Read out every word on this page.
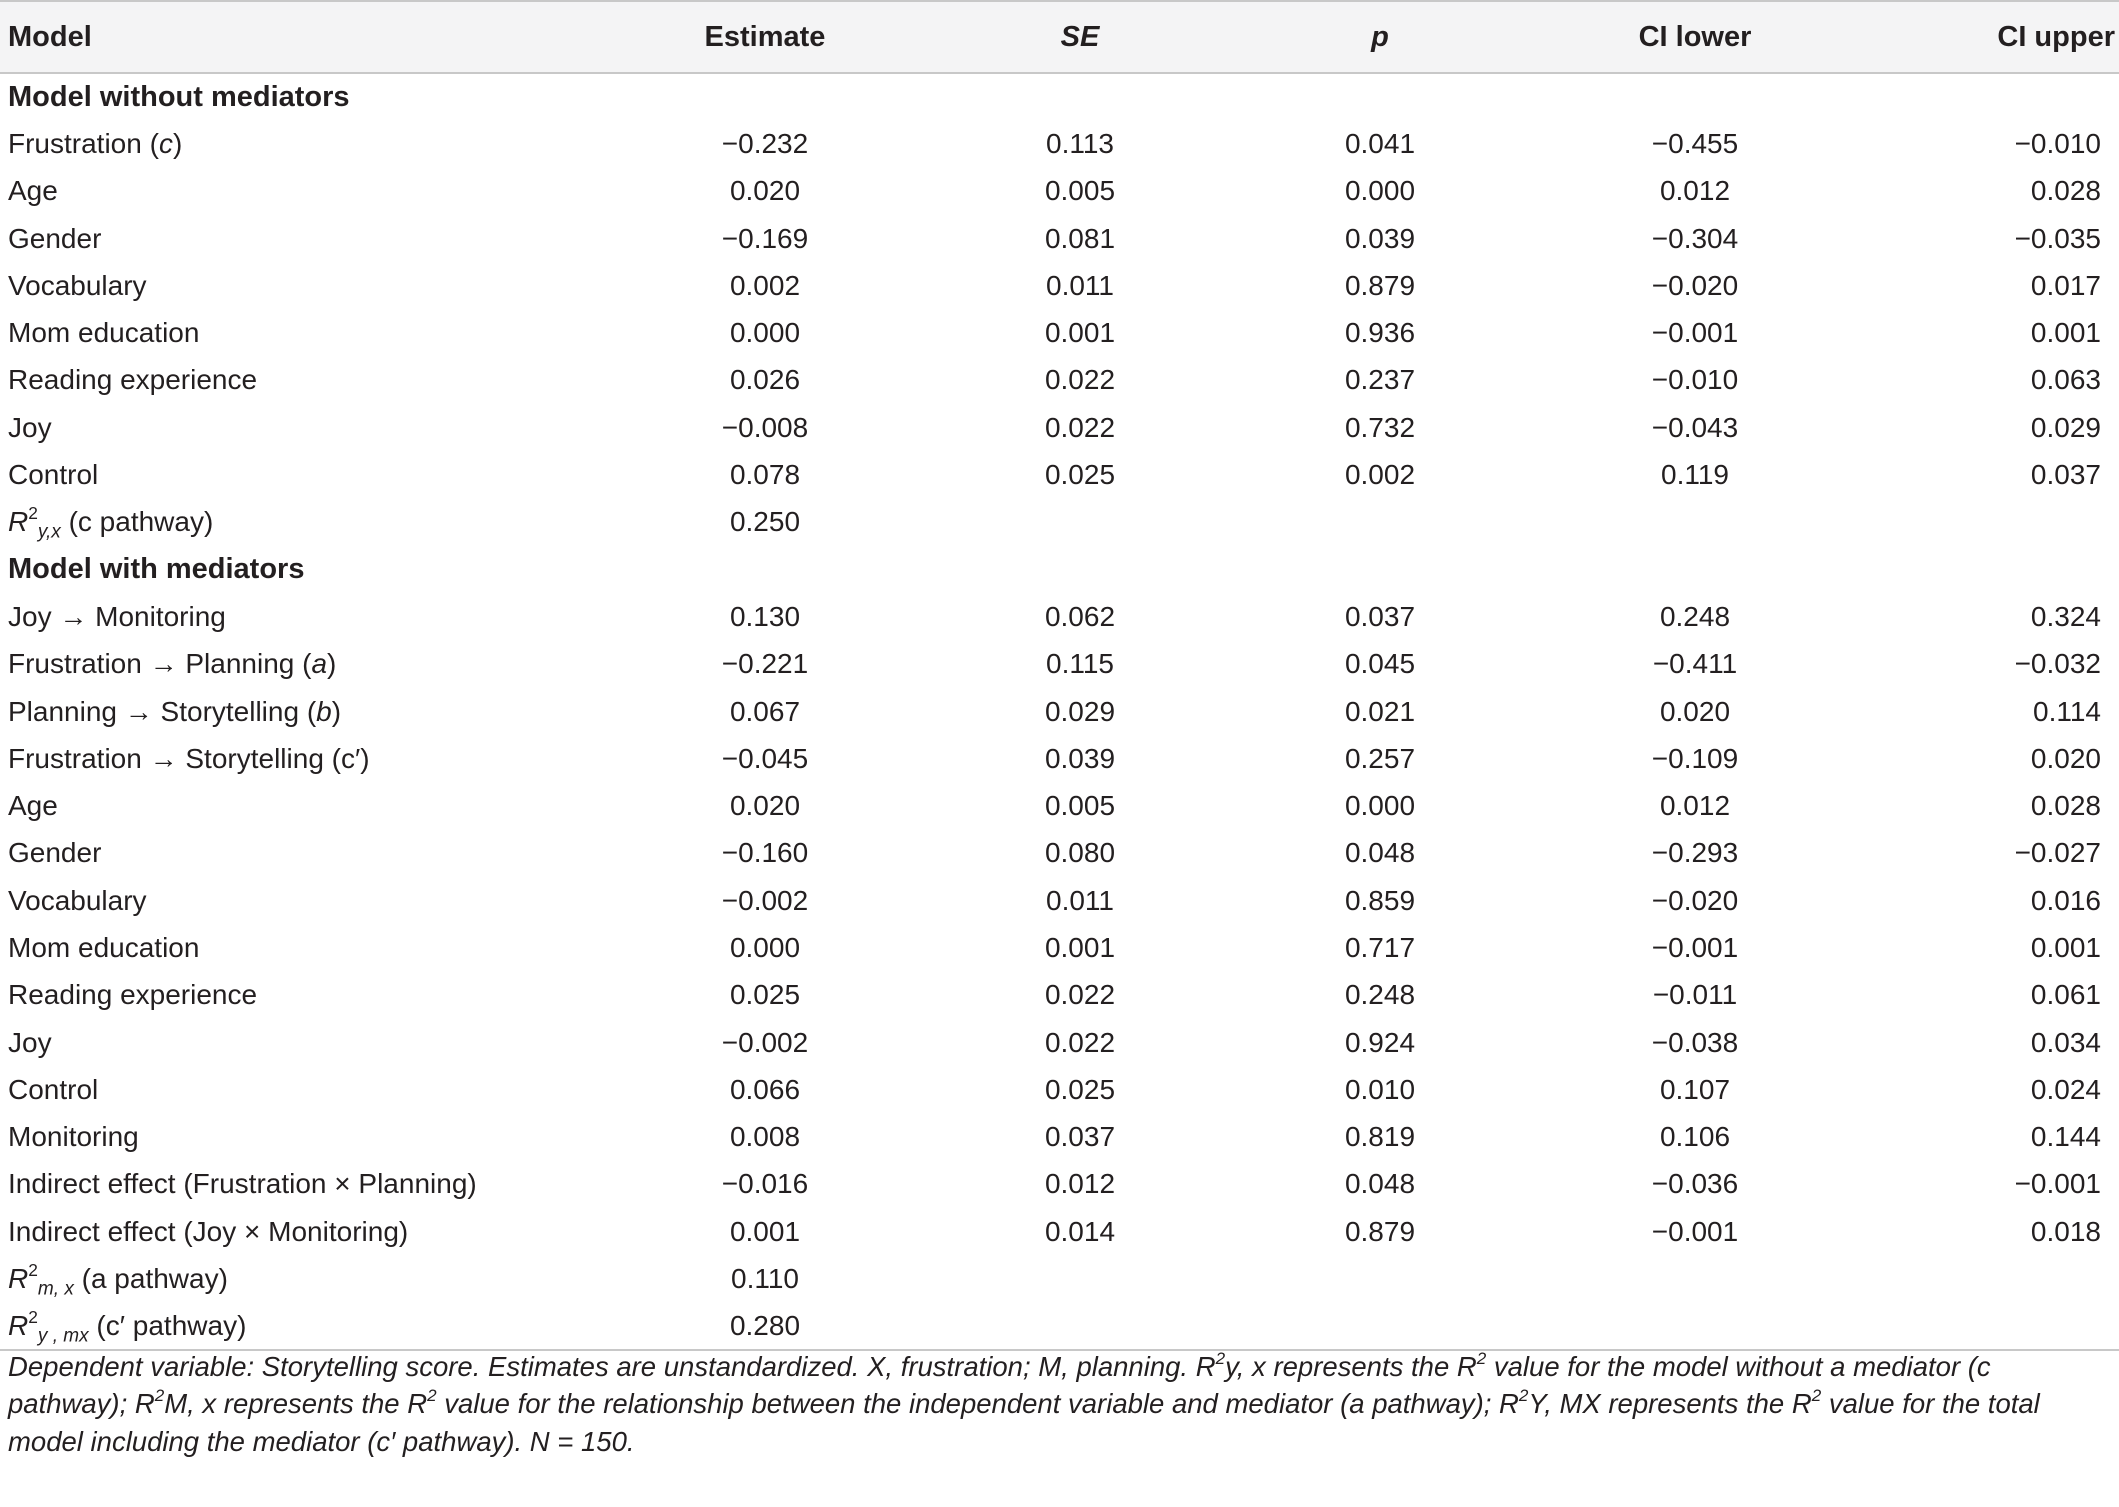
Model	Estimate	SE	p	CI lower	CI upper
Model without mediators					
Frustration (c)	−0.232	0.113	0.041	−0.455	−0.010
Age	0.020	0.005	0.000	0.012	0.028
Gender	−0.169	0.081	0.039	−0.304	−0.035
Vocabulary	0.002	0.011	0.879	−0.020	0.017
Mom education	0.000	0.001	0.936	−0.001	0.001
Reading experience	0.026	0.022	0.237	−0.010	0.063
Joy	−0.008	0.022	0.732	−0.043	0.029
Control	0.078	0.025	0.002	0.119	0.037
$R^2_{y,x}$ (c pathway)	0.250				
Model with mediators					
Joy → Monitoring	0.130	0.062	0.037	0.248	0.324
Frustration → Planning (a)	−0.221	0.115	0.045	−0.411	−0.032
Planning → Storytelling (b)	0.067	0.029	0.021	0.020	0.114
Frustration → Storytelling (c′)	−0.045	0.039	0.257	−0.109	0.020
Age	0.020	0.005	0.000	0.012	0.028
Gender	−0.160	0.080	0.048	−0.293	−0.027
Vocabulary	−0.002	0.011	0.859	−0.020	0.016
Mom education	0.000	0.001	0.717	−0.001	0.001
Reading experience	0.025	0.022	0.248	−0.011	0.061
Joy	−0.002	0.022	0.924	−0.038	0.034
Control	0.066	0.025	0.010	0.107	0.024
Monitoring	0.008	0.037	0.819	0.106	0.144
Indirect effect (Frustration × Planning)	−0.016	0.012	0.048	−0.036	−0.001
Indirect effect (Joy × Monitoring)	0.001	0.014	0.879	−0.001	0.018
$R^2_{m, x}$ (a pathway)	0.110				
$R^2_{y , mx}$ (c′ pathway)	0.280				
Dependent variable: Storytelling score. Estimates are unstandardized. X, frustration; M, planning. $R^2y$, x represents the $R^2$ value for the model without a mediator (c pathway); $R^2M$, x represents the $R^2$ value for the relationship between the independent variable and mediator (a pathway); $R^2Y$, MX represents the $R^2$ value for the total model including the mediator (c′ pathway). N = 150.
